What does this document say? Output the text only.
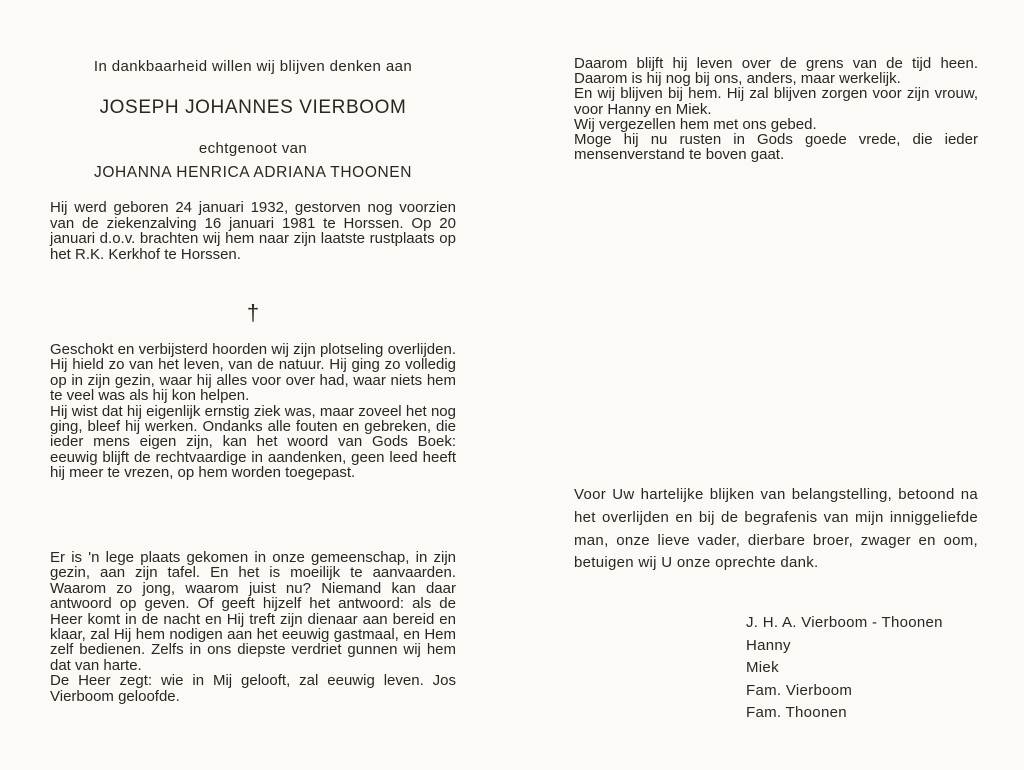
In dankbaarheid willen wij blijven denken aan
JOSEPH JOHANNES VIERBOOM
echtgenoot van
JOHANNA HENRICA ADRIANA THOONEN

Hij werd geboren 24 januari 1932, gestorven nog voorzien van de ziekenzalving 16 januari 1981 te Horssen. Op 20 januari d.o.v. brachten wij hem naar zijn laatste rustplaats op het R.K. Kerkhof te Horssen.

†

Geschokt en verbijsterd hoorden wij zijn plotseling overlijden. Hij hield zo van het leven, van de natuur. Hij ging zo volledig op in zijn gezin, waar hij alles voor over had, waar niets hem te veel was als hij kon helpen.

Hij wist dat hij eigenlijk ernstig ziek was, maar zoveel het nog ging, bleef hij werken. Ondanks alle fouten en gebreken, die ieder mens eigen zijn, kan het woord van Gods Boek: eeuwig blijft de rechtvaardige in aandenken, geen leed heeft hij meer te vrezen, op hem worden toegepast.

Er is 'n lege plaats gekomen in onze gemeenschap, in zijn gezin, aan zijn tafel. En het is moeilijk te aanvaarden. Waarom zo jong, waarom juist nu? Niemand kan daar antwoord op geven. Of geeft hijzelf het antwoord: als de Heer komt in de nacht en Hij treft zijn dienaar aan bereid en klaar, zal Hij hem nodigen aan het eeuwig gastmaal, en Hem zelf bedienen. Zelfs in ons diepste verdriet gunnen wij hem dat van harte.

De Heer zegt: wie in Mij gelooft, zal eeuwig leven. Jos Vierboom geloofde.

Daarom blijft hij leven over de grens van de tijd heen. Daarom is hij nog bij ons, anders, maar werkelijk.

En wij blijven bij hem. Hij zal blijven zorgen voor zijn vrouw, voor Hanny en Miek.

Wij vergezellen hem met ons gebed.

Moge hij nu rusten in Gods goede vrede, die ieder mensenverstand te boven gaat.

Voor Uw hartelijke blijken van belangstelling, betoond na het overlijden en bij de begrafenis van mijn inniggeliefde man, onze lieve vader, dierbare broer, zwager en oom, betuigen wij U onze oprechte dank.

J. H. A. Vierboom - Thoonen
Hanny
Miek
Fam. Vierboom
Fam. Thoonen
